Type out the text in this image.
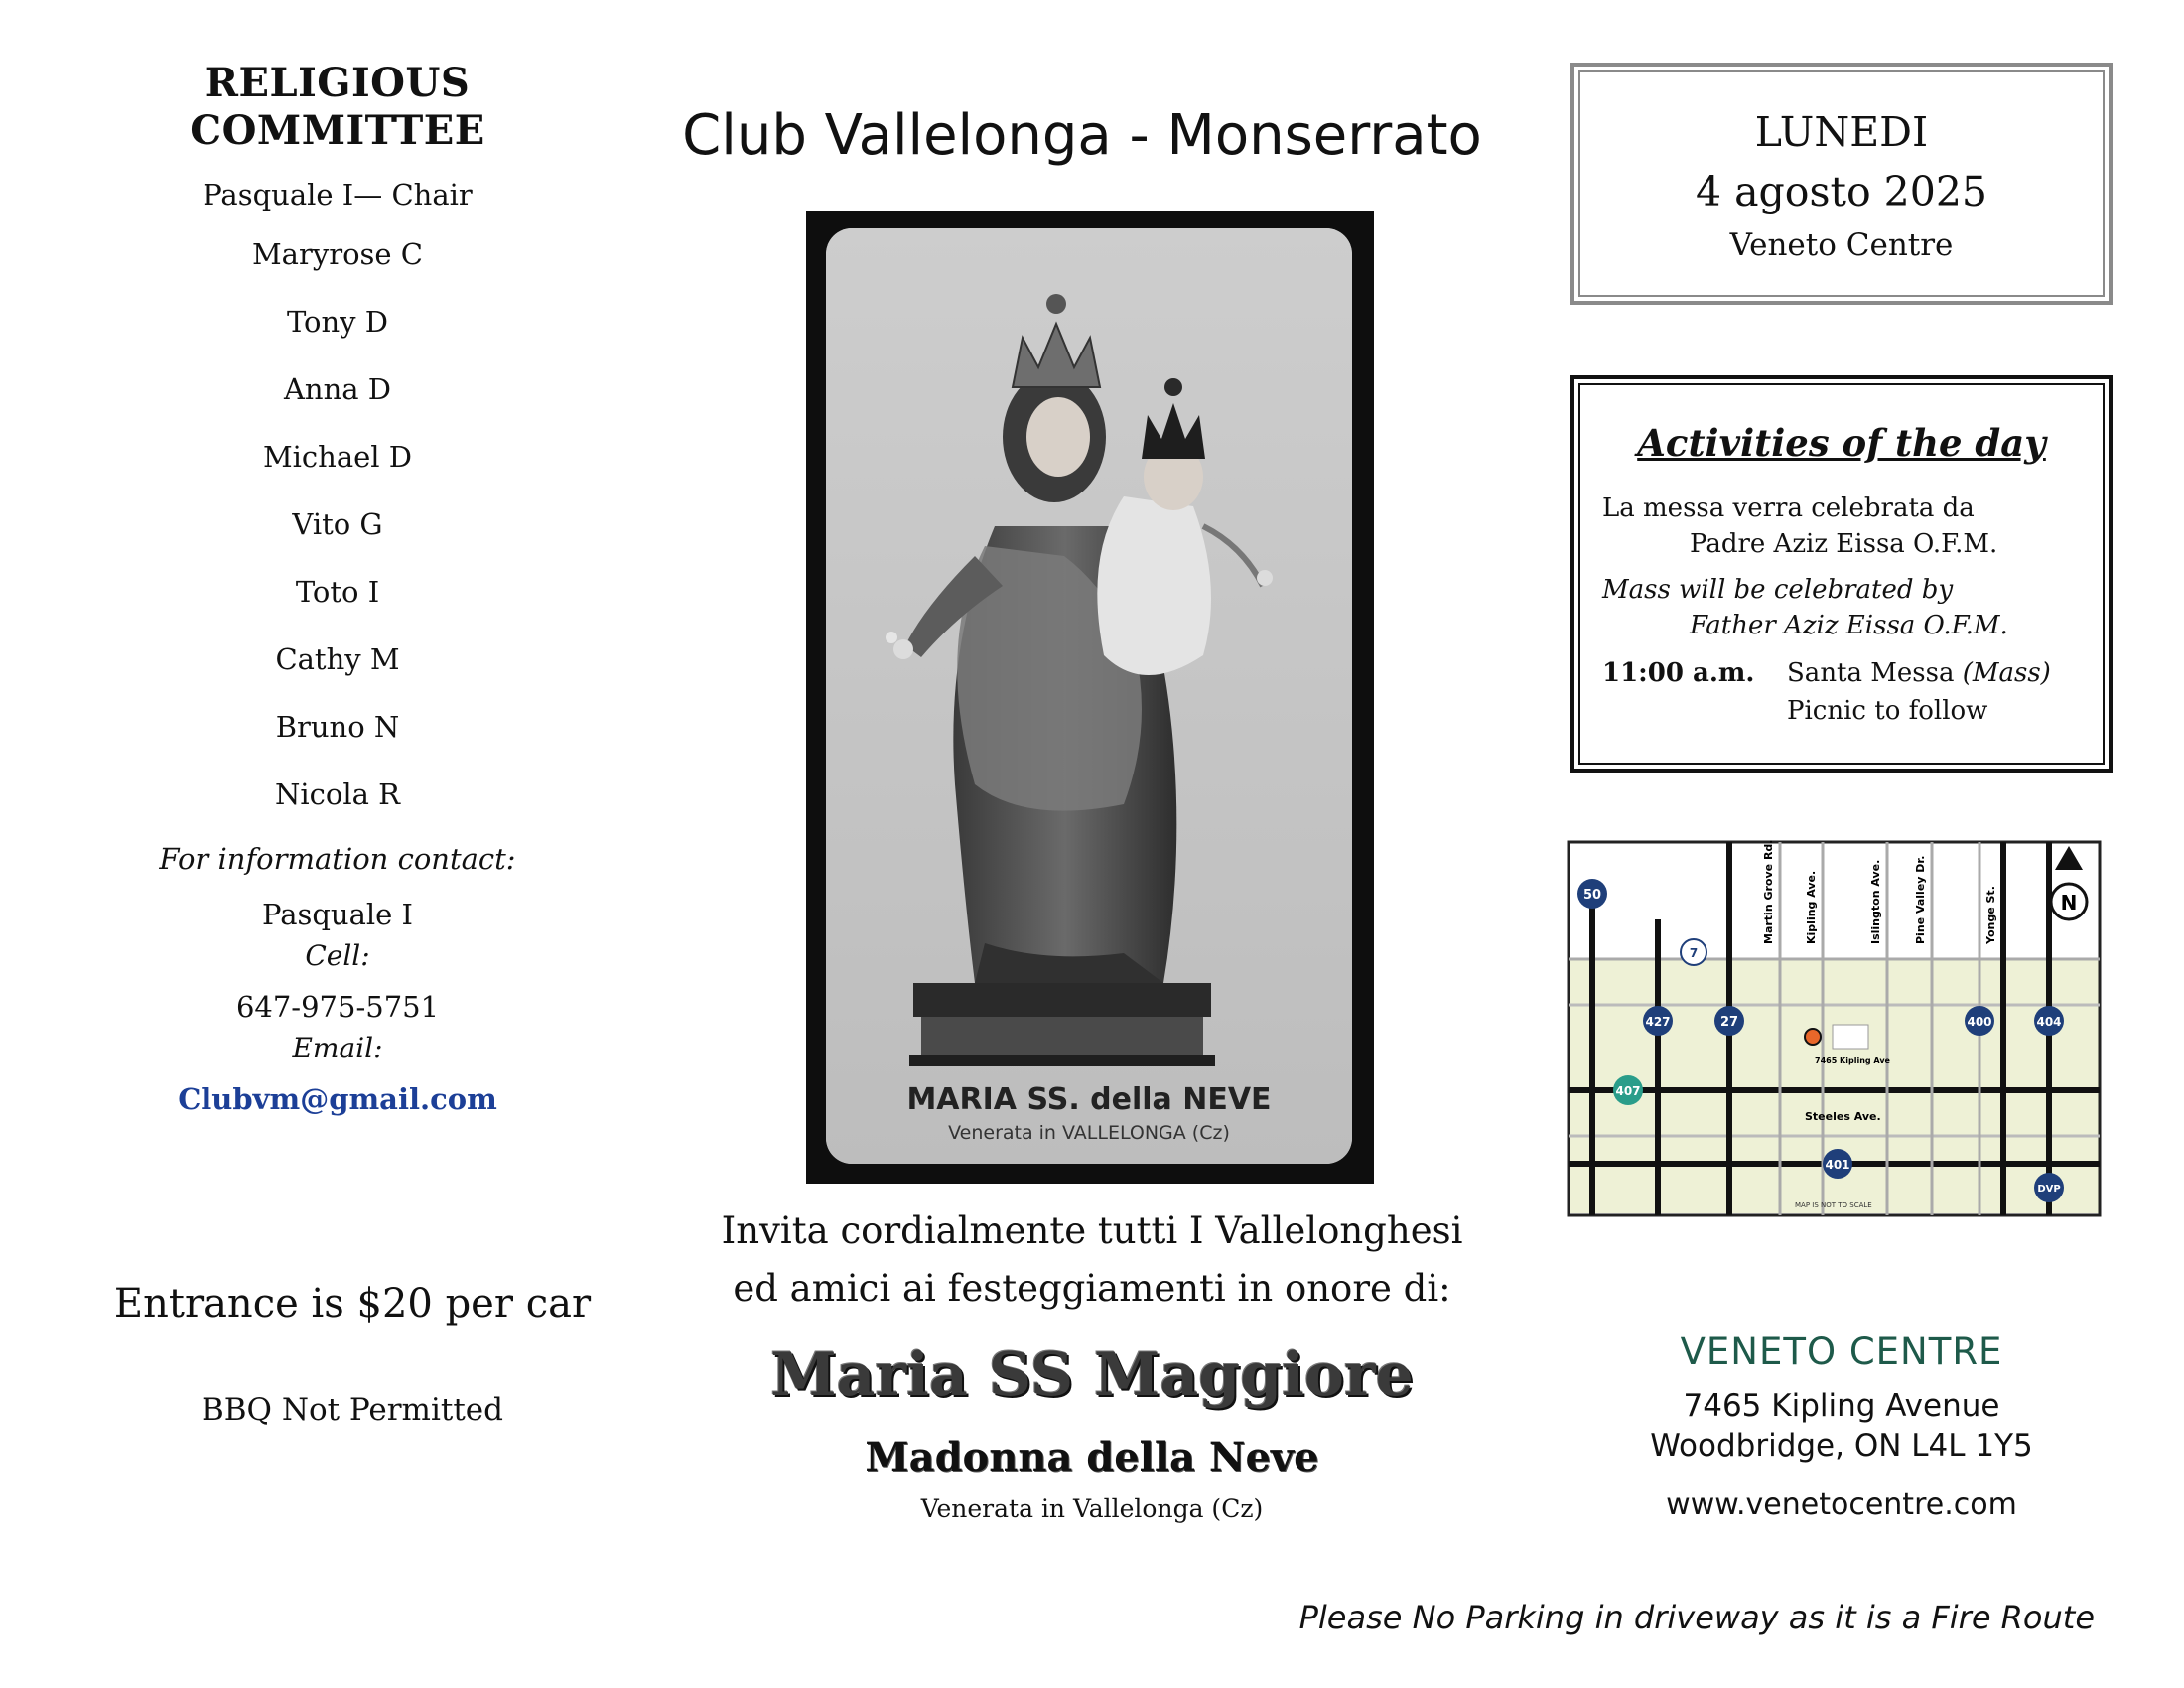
RELIGIOUS
COMMITTEE
Pasquale I— Chair
Maryrose C
Tony D
Anna D
Michael D
Vito G
Toto I
Cathy M
Bruno N
Nicola R
For information contact:
Pasquale I
Cell:
647-975-5751
Email:
Clubvm@gmail.com
Entrance is $20 per car
BBQ Not Permitted
Club Vallelonga - Monserrato
MARIA SS. della NEVE
Venerata in VALLELONGA (Cz)
Invita cordialmente tutti I Vallelonghesi
ed amici ai festeggiamenti in onore di:
Maria SS Maggiore
Madonna della Neve
Venerata in Vallelonga (Cz)
LUNEDI
4 agosto 2025
Veneto Centre
Activities of the day
La messa verra celebrata da
Padre Aziz Eissa O.F.M.
Mass will be celebrated by
Father Aziz Eissa O.F.M.
11:00 a.m.	Santa Messa (Mass)
Picnic to follow
Martin Grove Rd.	Kipling Ave.	Islington Ave.	Pine Valley Dr.	Yonge St.
Steeles Ave.
MAP IS NOT TO SCALE
50
7
427	27	400	404
407
401
DVP
N
7465 Kipling Ave
VENETO CENTRE
7465 Kipling Avenue
Woodbridge, ON L4L 1Y5
www.venetocentre.com
Please No Parking in driveway as it is a Fire Route
